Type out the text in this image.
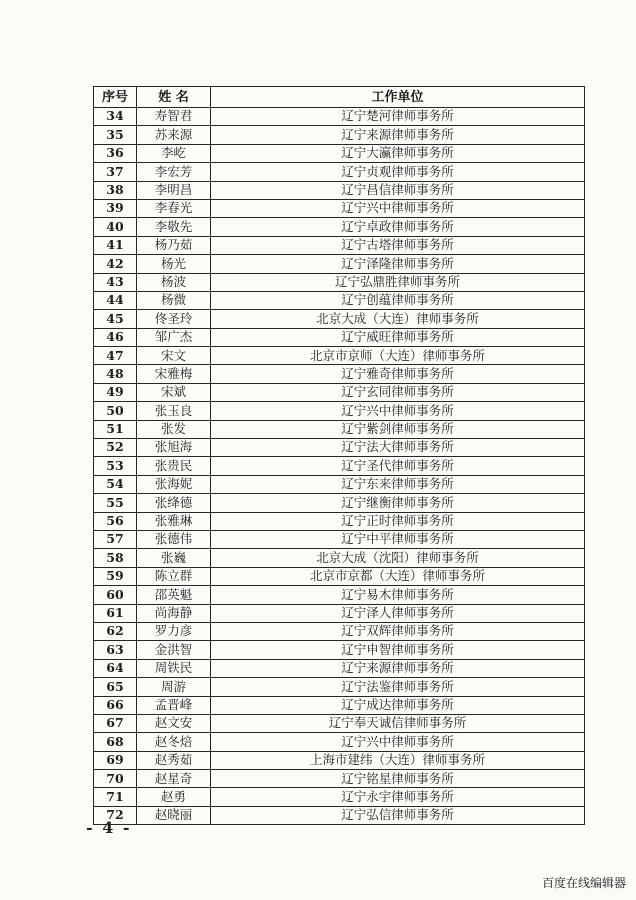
序号	姓 名	工作单位
34	寿智君	辽宁楚河律师事务所
35	苏来源	辽宁来源律师事务所
36	李屹	辽宁大瀛律师事务所
37	李宏芳	辽宁贞观律师事务所
38	李明昌	辽宁昌信律师事务所
39	李春光	辽宁兴中律师事务所
40	李敬先	辽宁卓政律师事务所
41	杨乃茹	辽宁古塔律师事务所
42	杨光	辽宁泽隆律师事务所
43	杨波	辽宁弘鼎胜律师事务所
44	杨微	辽宁创蕴律师事务所
45	佟圣玲	北京大成（大连）律师事务所
46	邹广杰	辽宁威旺律师事务所
47	宋文	北京市京师（大连）律师事务所
48	宋雅梅	辽宁雅奇律师事务所
49	宋斌	辽宁玄同律师事务所
50	张玉良	辽宁兴中律师事务所
51	张发	辽宁紫剑律师事务所
52	张旭海	辽宁法大律师事务所
53	张贵民	辽宁圣代律师事务所
54	张海妮	辽宁东来律师事务所
55	张绛德	辽宁继衡律师事务所
56	张雅琳	辽宁正时律师事务所
57	张德伟	辽宁中平律师事务所
58	张巍	北京大成（沈阳）律师事务所
59	陈立群	北京市京都（大连）律师事务所
60	邵英魁	辽宁易木律师事务所
61	尚海静	辽宁泽人律师事务所
62	罗力彦	辽宁双辉律师事务所
63	金洪智	辽宁申智律师事务所
64	周铁民	辽宁来源律师事务所
65	周游	辽宁法鉴律师事务所
66	孟晋峰	辽宁成达律师事务所
67	赵文安	辽宁奉天诚信律师事务所
68	赵冬焙	辽宁兴中律师事务所
69	赵秀茹	上海市建纬（大连）律师事务所
70	赵星奇	辽宁铭星律师事务所
71	赵勇	辽宁永宇律师事务所
72	赵晓丽	辽宁弘信律师事务所
- 4 -
百度在线编辑器
